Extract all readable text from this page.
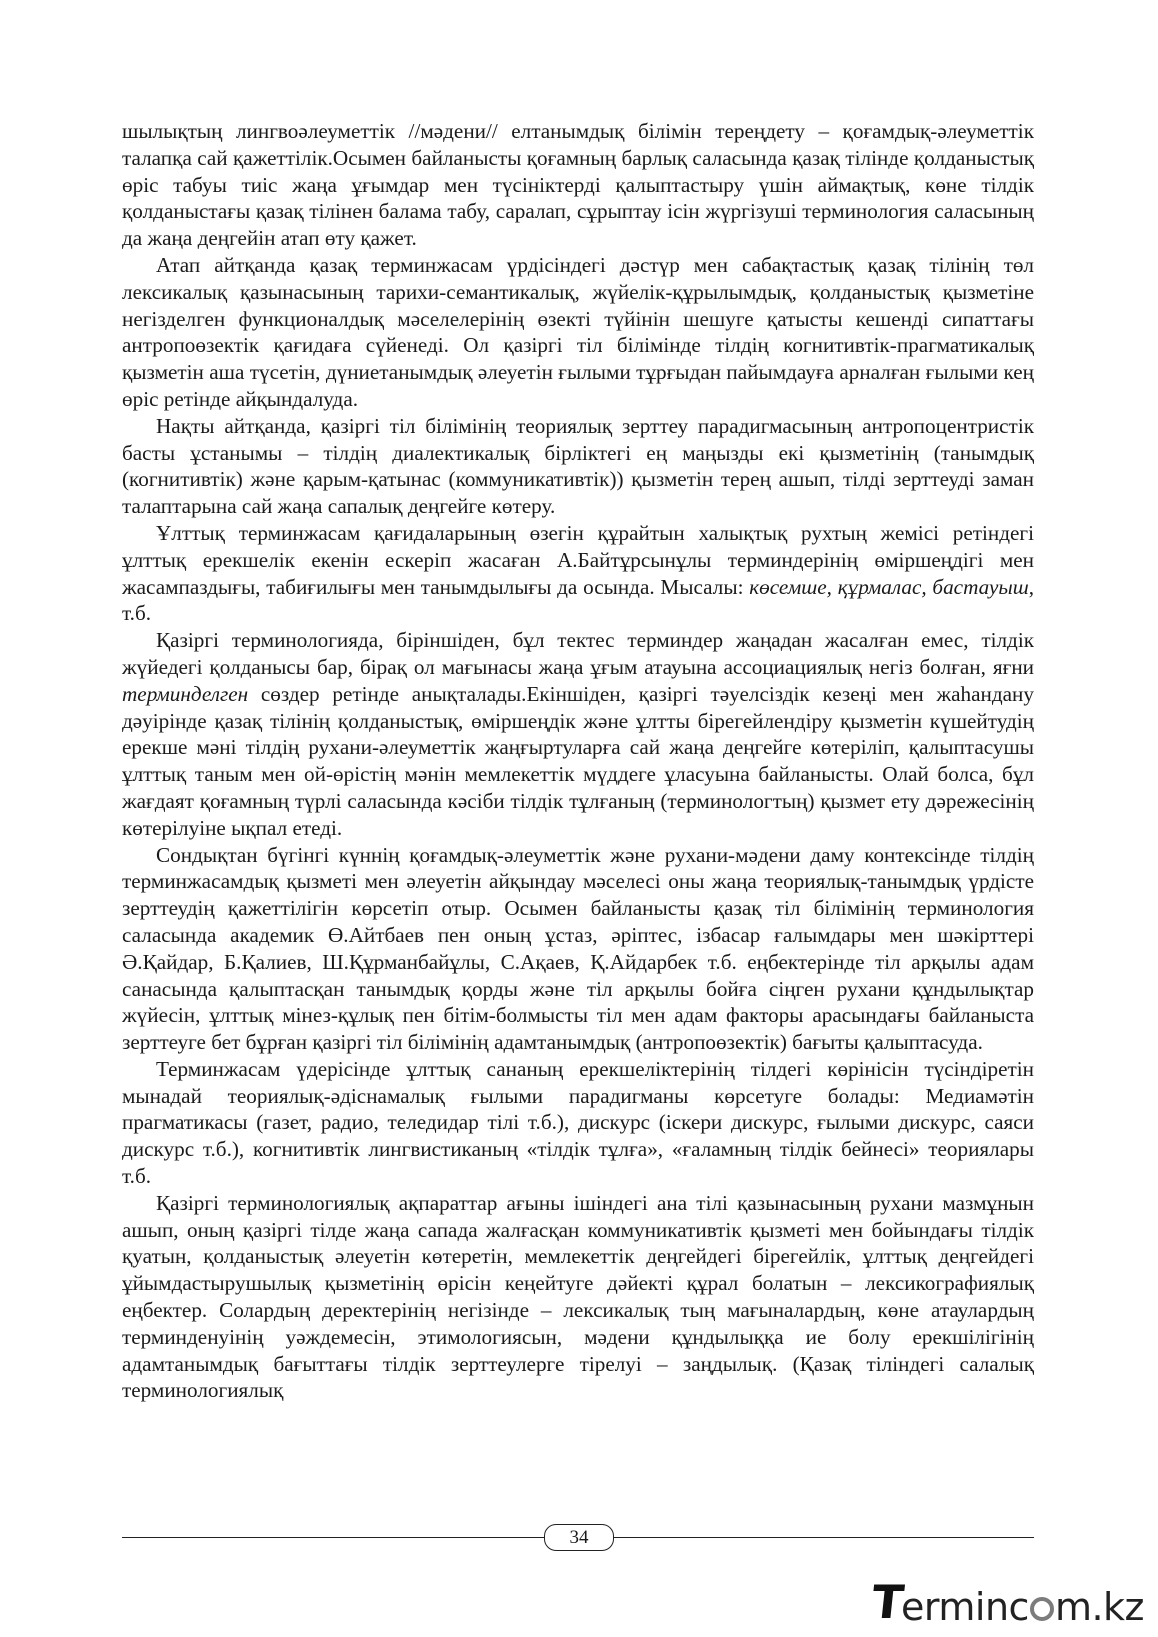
шылықтың лингвоәлеуметтік //мәдени// елтанымдық білімін тереңдету – қоғамдық-әлеуметтік талапқа сай қажеттілік.Осымен байланысты қоғамның барлық саласында қазақ тілінде қолданыстық өріс табуы тиіс жаңа ұғымдар мен түсініктерді қалыптастыру үшін аймақтық, көне тілдік қолданыстағы қазақ тілінен балама табу, саралап, сұрыптау ісін жүргізуші терминология саласының да жаңа деңгейін атап өту қажет.

Атап айтқанда қазақ терминжасам үрдісіндегі дәстүр мен сабақтастық қазақ тілінің төл лексикалық қазынасының тарихи-семантикалық, жүйелік-құрылымдық, қолданыстық қызметіне негізделген функционалдық мәселелерінің өзекті түйінін шешуге қатысты кешенді сипаттағы антропоөзектік қағидаға сүйенеді. Ол қазіргі тіл білімінде тілдің когнитивтік-прагматикалық қызметін аша түсетін, дүниетанымдық әлеуетін ғылыми тұрғыдан пайымдауға арналған ғылыми кең өріс ретінде айқындалуда.

Нақты айтқанда, қазіргі тіл білімінің теориялық зерттеу парадигмасының антропоцентристік басты ұстанымы – тілдің диалектикалық бірліктегі ең маңызды екі қызметінің (танымдық (когнитивтік) және қарым-қатынас (коммуникативтік)) қызметін терең ашып, тілді зерттеуді заман талаптарына сай жаңа сапалық деңгейге көтеру.

Ұлттық терминжасам қағидаларының өзегін құрайтын халықтық рухтың жемісі ретіндегі ұлттық ерекшелік екенін ескеріп жасаған А.Байтұрсынұлы терминдерінің өміршеңдігі мен жасампаздығы, табиғилығы мен танымдылығы да осында. Мысалы: көсемше, құрмалас, бастауыш, т.б.

Қазіргі терминологияда, біріншіден, бұл тектес терминдер жаңадан жасалған емес, тілдік жүйедегі қолданысы бар, бірақ ол мағынасы жаңа ұғым атауына ассоциациялық негіз болған, яғни терминделген сөздер ретінде анықталады.Екіншіден, қазіргі тәуелсіздік кезеңі мен жаһандану дәуірінде қазақ тілінің қолданыстық, өміршеңдік және ұлтты бірегейлендіру қызметін күшейтудің ерекше мәні тілдің рухaни-әлеуметтік жаңғыртуларға сай жаңа деңгейге көтеріліп, қалыптасушы ұлттық таным мен ой-өрістің мәнін мемлекеттік мүддеге ұласуына байланысты. Олай болса, бұл жағдаят қоғамның түрлі саласында кәсіби тілдік тұлғаның (терминологтың) қызмет ету дәрежесінің көтерілуіне ықпал етеді.

Сондықтан бүгінгі күннің қоғамдық-әлеуметтік және рухани-мәдени даму контексінде тілдің терминжасамдық қызметі мен әлеуетін айқындау мәселесі оны жаңа теориялық-танымдық үрдісте зерттеудің қажеттілігін көрсетіп отыр. Осымен байланысты қазақ тіл білімінің терминология саласында академик Ө.Айтбаев пен оның ұстаз, әріптес, ізбасар ғалымдары мен шәкірттері Ә.Қайдар, Б.Қалиев, Ш.Құрманбайұлы, С.Ақаев, Қ.Айдарбек т.б. еңбектерінде тіл арқылы адам санасында қалыптасқан танымдық қорды және тіл арқылы бойға сіңген рухани құндылықтар жүйесін, ұлттық мінез-құлық пен бітім-болмысты тіл мен адам факторы арасындағы байланыста зерттеуге бет бұрған қазіргі тіл білімінің адамтанымдық (антропоөзектік) бағыты қалыптасуда.

Терминжасам үдерісінде ұлттық сананың ерекшеліктерінің тілдегі көрінісін түсіндіретін мынадай теориялық-әдіснамалық ғылыми парадигманы көрсетуге болады: Медиамәтін прагматикасы (газет, радио, теледидар тілі т.б.), дискурс (іскери дискурс, ғылыми дискурс, саяси дискурс т.б.), когнитивтік лингвистиканың «тілдік тұлға», «ғаламның тілдік бейнесі» теориялары т.б.

Қазіргі терминологиялық ақпараттар ағыны ішіндегі ана тілі қазынасының рухани мазмұнын ашып, оның қазіргі тілде жаңа сапада жалғасқан коммуникативтік қызметі мен бойындағы тілдік қуатын, қолданыстық әлеуетін көтеретін, мемлекеттік деңгейдегі бірегейлік, ұлттық деңгейдегі ұйымдастырушылық қызметінің өрісін кеңейтуге дәйекті құрал болатын – лексикографиялық еңбектер. Солардың деректерінің негізінде – лексикалық тың мағыналардың, көне атаулардың терминденуінің уәждемесін, этимологиясын, мәдени құндылыққа ие болу ерекшілігінің адамтанымдық бағыттағы тілдік зерттеулерге тірелуі – заңдылық. (Қазақ тіліндегі салалық терминологиялық

34
T
erminc m.kz
